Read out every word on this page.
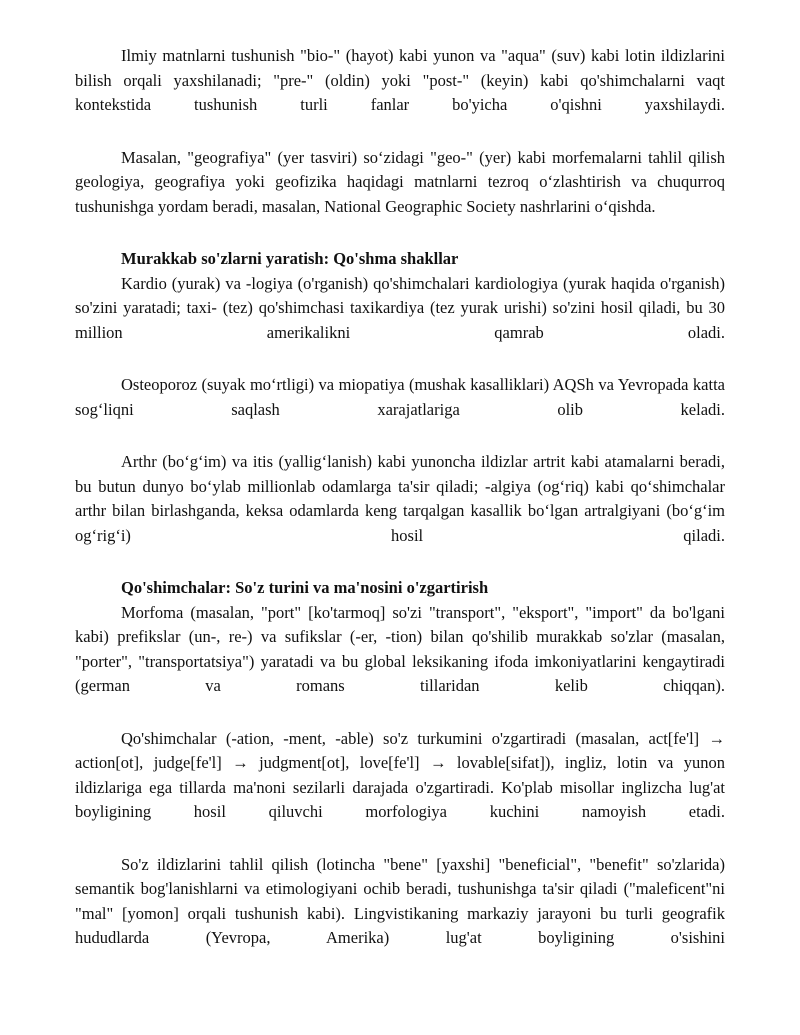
Ilmiy matnlarni tushunish "bio-" (hayot) kabi yunon va "aqua" (suv) kabi lotin ildizlarini bilish orqali yaxshilanadi; "pre-" (oldin) yoki "post-" (keyin) kabi qo'shimchalarni vaqt kontekstida tushunish turli fanlar bo'yicha o'qishni yaxshilaydi.

Masalan, "geografiya" (yer tasviri) so‘zidagi "geo-" (yer) kabi morfemalarni tahlil qilish geologiya, geografiya yoki geofizika haqidagi matnlarni tezroq o‘zlashtirish va chuqurroq tushunishga yordam beradi, masalan, National Geographic Society nashrlarini o‘qishda.

Murakkab so'zlarni yaratish: Qo'shma shakllar

Kardio (yurak) va -logiya (o'rganish) qo'shimchalari kardiologiya (yurak haqida o'rganish) so'zini yaratadi; taxi- (tez) qo'shimchasi taxikardiya (tez yurak urishi) so'zini hosil qiladi, bu 30 million amerikalikni qamrab oladi.

Osteoporoz (suyak mo‘rtligi) va miopatiya (mushak kasalliklari) AQSh va Yevropada katta sog‘liqni saqlash xarajatlariga olib keladi.

Arthr (bo‘g‘im) va itis (yallig‘lanish) kabi yunoncha ildizlar artrit kabi atamalarni beradi, bu butun dunyo bo‘ylab millionlab odamlarga ta'sir qiladi; -algiya (og‘riq) kabi qo‘shimchalar arthr bilan birlashganda, keksa odamlarda keng tarqalgan kasallik bo‘lgan artralgiyani (bo‘g‘im og‘rig‘i) hosil qiladi.

Qo'shimchalar: So'z turini va ma'nosini o'zgartirish

Morfoma (masalan, "port" [ko'tarmoq] so'zi "transport", "eksport", "import" da bo'lgani kabi) prefikslar (un-, re-) va sufikslar (-er, -tion) bilan qo'shilib murakkab so'zlar (masalan, "porter", "transportatsiya") yaratadi va bu global leksikaning ifoda imkoniyatlarini kengaytiradi (german va romans tillaridan kelib chiqqan).

Qo'shimchalar (-ation, -ment, -able) so'z turkumini o'zgartiradi (masalan, act[fe'l] → action[ot], judge[fe'l] → judgment[ot], love[fe'l] → lovable[sifat]), ingliz, lotin va yunon ildizlariga ega tillarda ma'noni sezilarli darajada o'zgartiradi. Ko'plab misollar inglizcha lug'at boyligining hosil qiluvchi morfologiya kuchini namoyish etadi.

So'z ildizlarini tahlil qilish (lotincha "bene" [yaxshi] "beneficial", "benefit" so'zlarida) semantik bog'lanishlarni va etimologiyani ochib beradi, tushunishga ta'sir qiladi ("maleficent"ni "mal" [yomon] orqali tushunish kabi). Lingvistikaning markaziy jarayoni bu turli geografik hududlarda (Yevropa, Amerika) lug'at boyligining o'sishini
